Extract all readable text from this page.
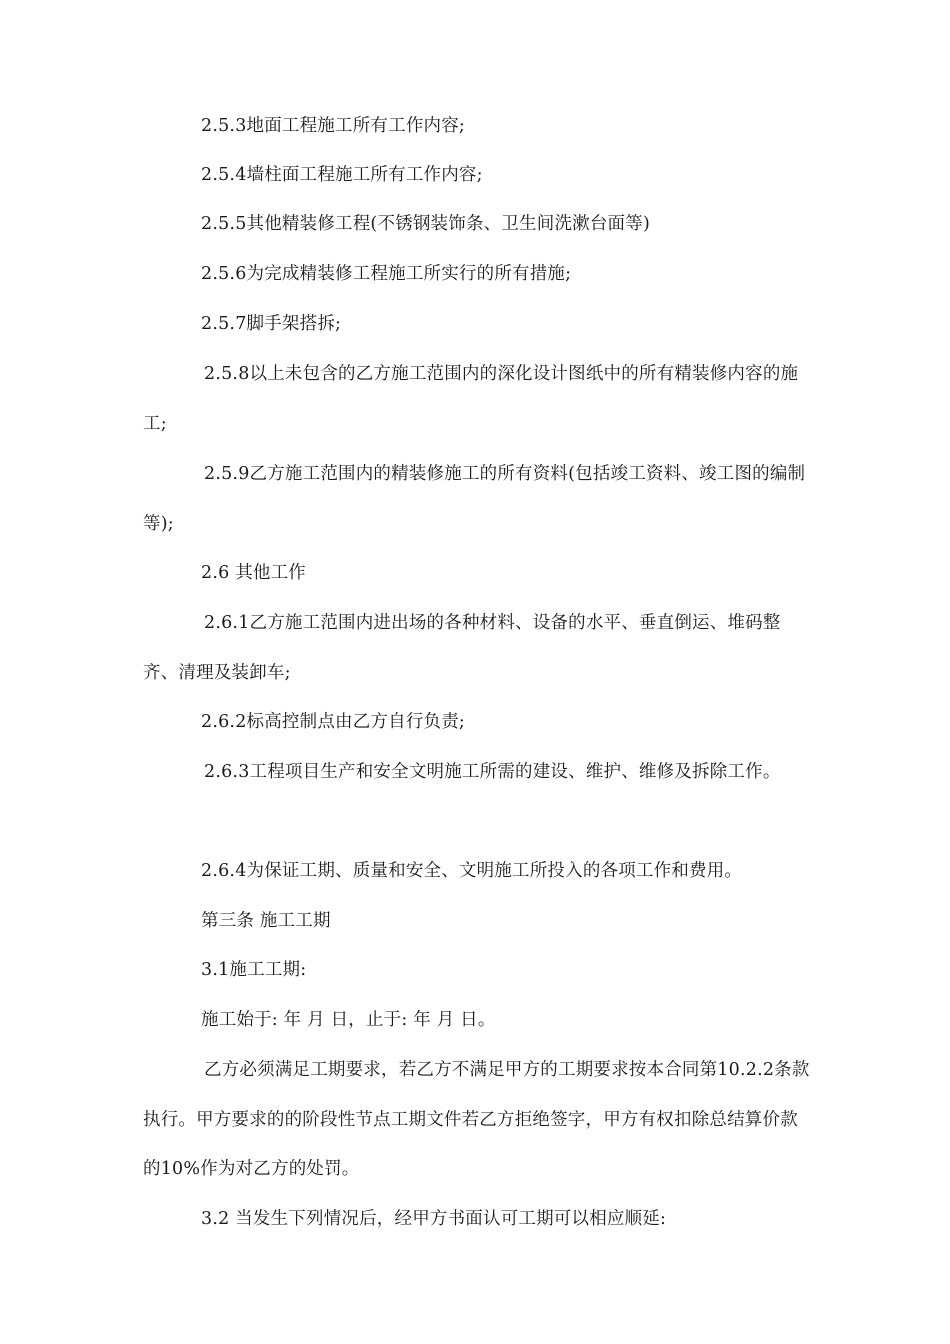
2.5.3地面工程施工所有工作内容;

2.5.4墙柱面工程施工所有工作内容;

2.5.5其他精装修工程(不锈钢装饰条、卫生间洗漱台面等)

2.5.6为完成精装修工程施工所实行的所有措施;

2.5.7脚手架搭拆;

2.5.8以上未包含的乙方施工范围内的深化设计图纸中的所有精装修内容的施工;

2.5.9乙方施工范围内的精装修施工的所有资料(包括竣工资料、竣工图的编制等);

2.6 其他工作

2.6.1乙方施工范围内进出场的各种材料、设备的水平、垂直倒运、堆码整齐、清理及装卸车;

2.6.2标高控制点由乙方自行负责;

2.6.3工程项目生产和安全文明施工所需的建设、维护、维修及拆除工作。

2.6.4为保证工期、质量和安全、文明施工所投入的各项工作和费用。

第三条 施工工期

3.1施工工期:

施工始于: 年 月 日，止于: 年 月 日。

乙方必须满足工期要求，若乙方不满足甲方的工期要求按本合同第10.2.2条款执行。甲方要求的的阶段性节点工期文件若乙方拒绝签字，甲方有权扣除总结算价款的10%作为对乙方的处罚。

3.2 当发生下列情况后，经甲方书面认可工期可以相应顺延:
